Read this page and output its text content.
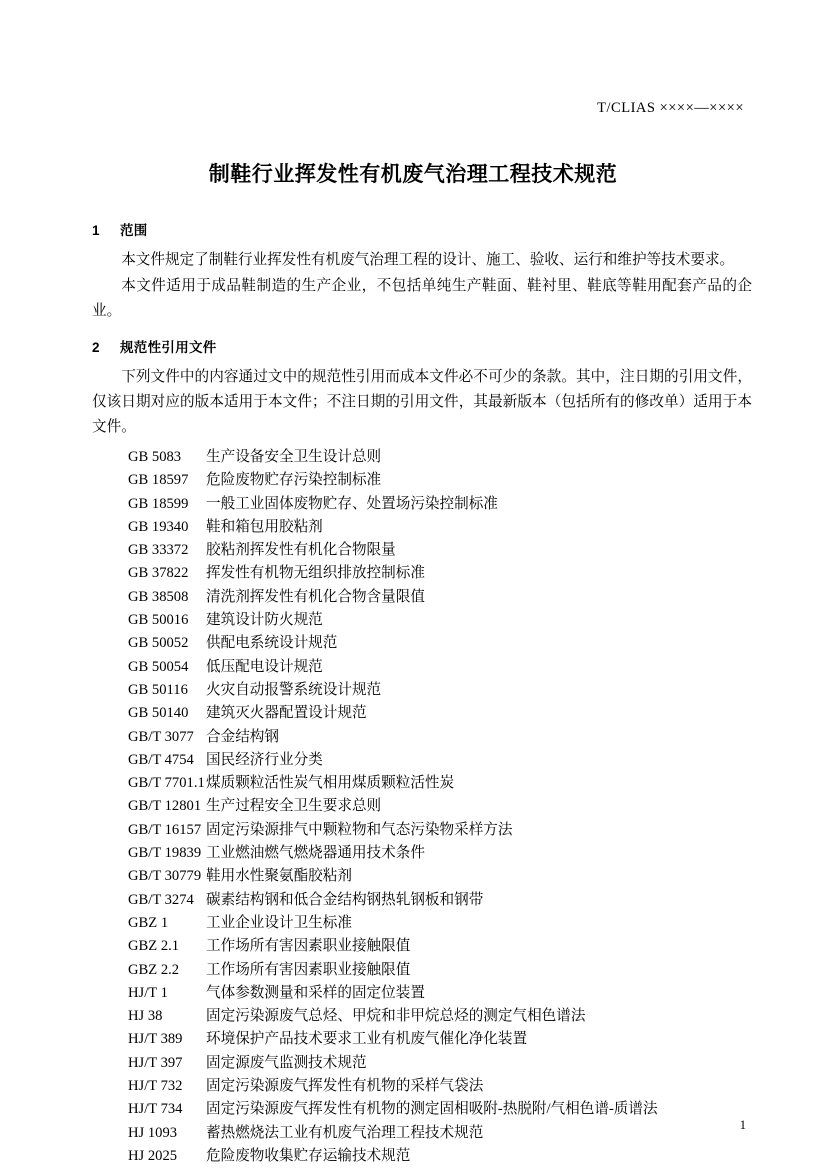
T/CLIAS ××××—××××
制鞋行业挥发性有机废气治理工程技术规范
1 范围

本文件规定了制鞋行业挥发性有机废气治理工程的设计、施工、验收、运行和维护等技术要求。

本文件适用于成品鞋制造的生产企业，不包括单纯生产鞋面、鞋衬里、鞋底等鞋用配套产品的企业。

2 规范性引用文件

下列文件中的内容通过文中的规范性引用而成本文件必不可少的条款。其中，注日期的引用文件，仅该日期对应的版本适用于本文件；不注日期的引用文件，其最新版本（包括所有的修改单）适用于本文件。

GB 5083 生产设备安全卫生设计总则
GB 18597 危险废物贮存污染控制标准
GB 18599 一般工业固体废物贮存、处置场污染控制标准
GB 19340 鞋和箱包用胶粘剂
GB 33372 胶粘剂挥发性有机化合物限量
GB 37822 挥发性有机物无组织排放控制标准
GB 38508 清洗剂挥发性有机化合物含量限值
GB 50016 建筑设计防火规范
GB 50052 供配电系统设计规范
GB 50054 低压配电设计规范
GB 50116 火灾自动报警系统设计规范
GB 50140 建筑灭火器配置设计规范
GB/T 3077 合金结构钢
GB/T 4754 国民经济行业分类
GB/T 7701.1煤质颗粒活性炭气相用煤质颗粒活性炭
GB/T 12801 生产过程安全卫生要求总则
GB/T 16157 固定污染源排气中颗粒物和气态污染物采样方法
GB/T 19839 工业燃油燃气燃烧器通用技术条件
GB/T 30779 鞋用水性聚氨酯胶粘剂
GB/T 3274 碳素结构钢和低合金结构钢热轧钢板和钢带
GBZ 1	工业企业设计卫生标准
GBZ 2.1 工作场所有害因素职业接触限值
GBZ 2.2 工作场所有害因素职业接触限值
HJ/T 1	气体参数测量和采样的固定位装置
HJ 38	固定污染源废气总烃、甲烷和非甲烷总烃的测定气相色谱法
HJ/T 389 环境保护产品技术要求工业有机废气催化净化装置
HJ/T 397 固定源废气监测技术规范
HJ/T 732 固定污染源废气挥发性有机物的采样气袋法
HJ/T 734 固定污染源废气挥发性有机物的测定固相吸附-热脱附/气相色谱-质谱法
HJ 1093 蓄热燃烧法工业有机废气治理工程技术规范
HJ 2025 危险废物收集贮存运输技术规范
1
